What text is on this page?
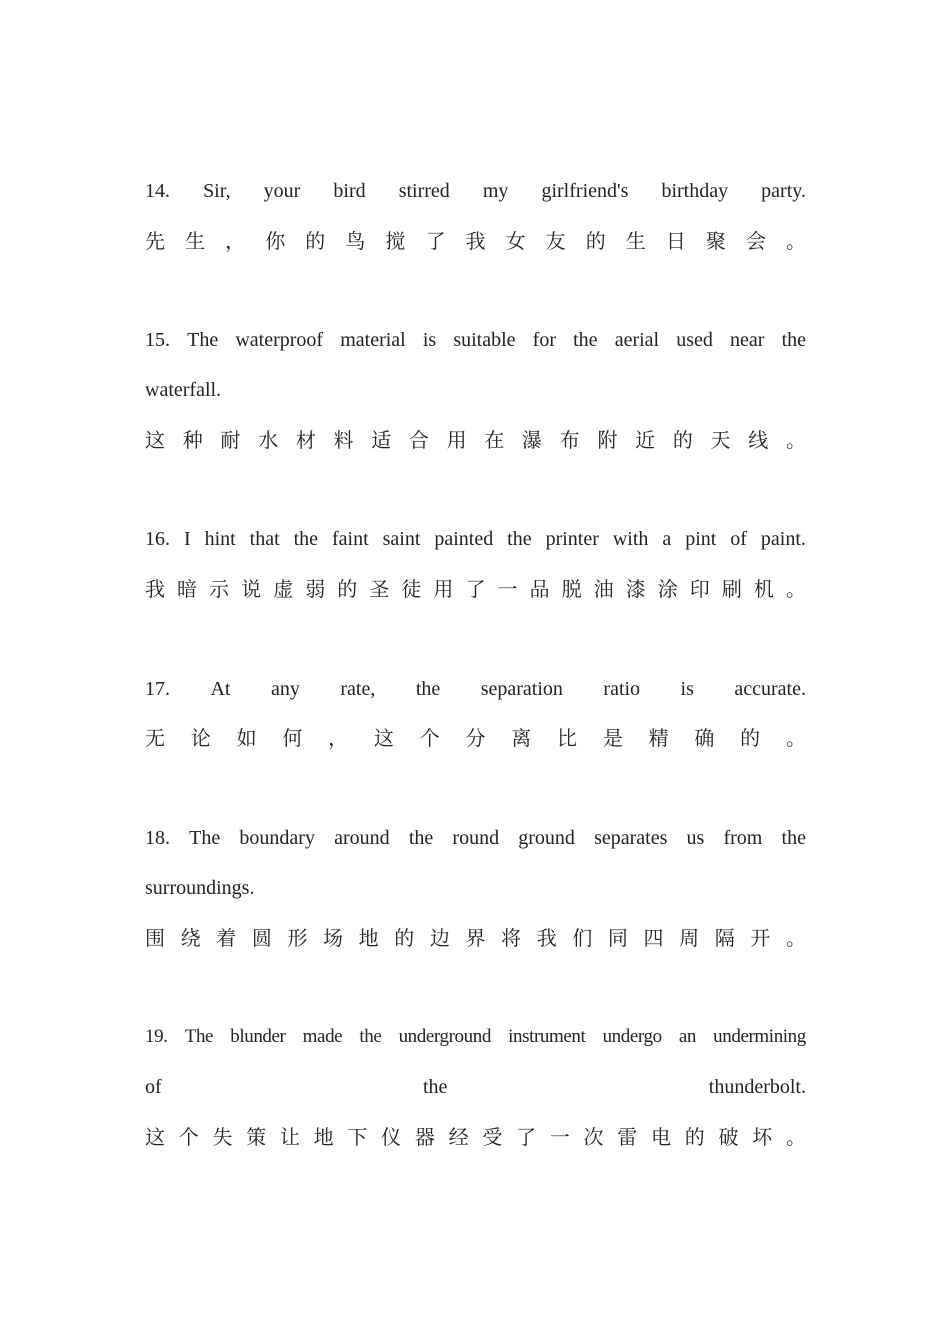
14. Sir, your bird stirred my girlfriend's birthday party.
先 生 ， 你 的 鸟 搅 了 我 女 友 的 生 日 聚 会 。
15. The waterproof material is suitable for the aerial used near the
waterfall.
这 种 耐 水 材 料 适 合 用 在 瀑 布 附 近 的 天 线 。
16. I hint that the faint saint painted the printer with a pint of paint.
我 暗 示 说 虚 弱 的 圣 徒 用 了 一 品 脱 油 漆 涂 印 刷 机 。
17. At any rate, the separation ratio is accurate.
无 论 如 何 ， 这 个 分 离 比 是 精 确 的 。
18. The boundary around the round ground separates us from the
surroundings.
围 绕 着 圆 形 场 地 的 边 界 将 我 们 同 四 周 隔 开 。
19. The blunder made the underground instrument undergo an undermining
of	the	thunderbolt.
这 个 失 策 让 地 下 仪 器 经 受 了 一 次 雷 电 的 破 坏 。
